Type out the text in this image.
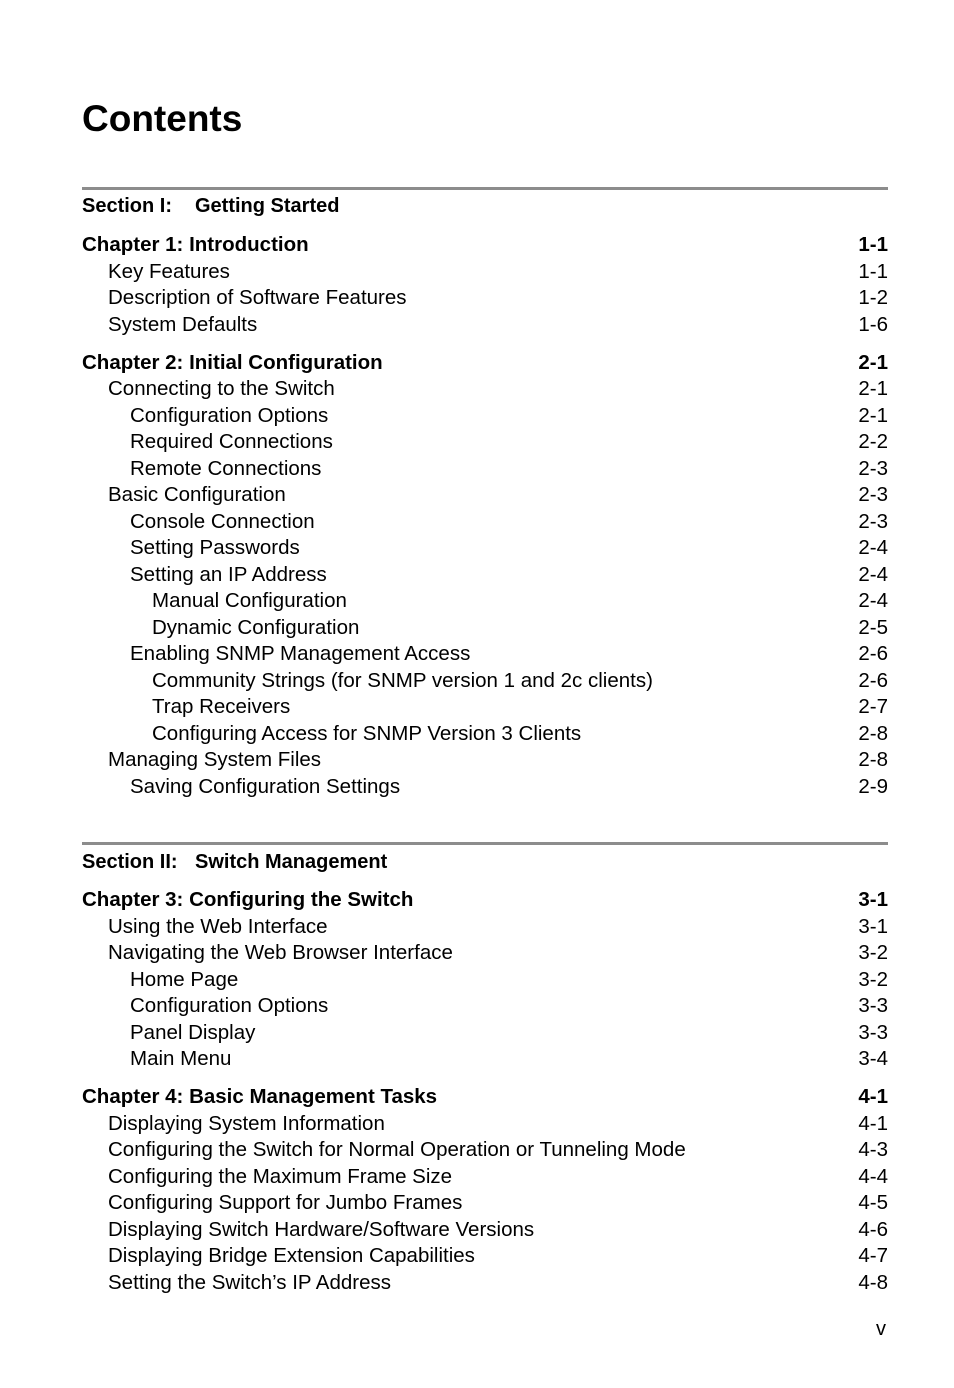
Contents
Section I: Getting Started
Chapter 1: Introduction	1-1
Key Features	1-1
Description of Software Features	1-2
System Defaults	1-6
Chapter 2: Initial Configuration	2-1
Connecting to the Switch	2-1
Configuration Options	2-1
Required Connections	2-2
Remote Connections	2-3
Basic Configuration	2-3
Console Connection	2-3
Setting Passwords	2-4
Setting an IP Address	2-4
Manual Configuration	2-4
Dynamic Configuration	2-5
Enabling SNMP Management Access	2-6
Community Strings (for SNMP version 1 and 2c clients)	2-6
Trap Receivers	2-7
Configuring Access for SNMP Version 3 Clients	2-8
Managing System Files	2-8
Saving Configuration Settings	2-9
Section II: Switch Management
Chapter 3: Configuring the Switch	3-1
Using the Web Interface	3-1
Navigating the Web Browser Interface	3-2
Home Page	3-2
Configuration Options	3-3
Panel Display	3-3
Main Menu	3-4
Chapter 4: Basic Management Tasks	4-1
Displaying System Information	4-1
Configuring the Switch for Normal Operation or Tunneling Mode	4-3
Configuring the Maximum Frame Size	4-4
Configuring Support for Jumbo Frames	4-5
Displaying Switch Hardware/Software Versions	4-6
Displaying Bridge Extension Capabilities	4-7
Setting the Switch’s IP Address	4-8
v
